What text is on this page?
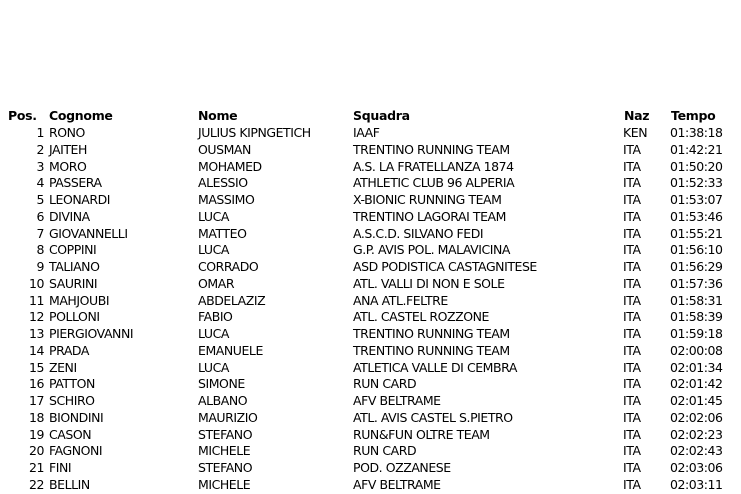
Pos. Cognome	Nome	Squadra	Naz Tempo
1 RONO	JULIUS KIPNGETICH	IAAF	KEN 01:38:18
2 JAITEH	OUSMAN	TRENTINO RUNNING TEAM	ITA 01:42:21
3 MORO	MOHAMED	A.S. LA FRATELLANZA 1874	ITA 01:50:20
4 PASSERA	ALESSIO	ATHLETIC CLUB 96 ALPERIA	ITA 01:52:33
5 LEONARDI	MASSIMO	X-BIONIC RUNNING TEAM	ITA 01:53:07
6 DIVINA	LUCA	TRENTINO LAGORAI TEAM	ITA 01:53:46
7 GIOVANNELLI	MATTEO	A.S.C.D. SILVANO FEDI	ITA 01:55:21
8 COPPINI	LUCA	G.P. AVIS POL. MALAVICINA	ITA 01:56:10
9 TALIANO	CORRADO	ASD PODISTICA CASTAGNITESE	ITA 01:56:29
10 SAURINI	OMAR	ATL. VALLI DI NON E SOLE	ITA 01:57:36
11 MAHJOUBI	ABDELAZIZ	ANA ATL.FELTRE	ITA 01:58:31
12 POLLONI	FABIO	ATL. CASTEL ROZZONE	ITA 01:58:39
13 PIERGIOVANNI	LUCA	TRENTINO RUNNING TEAM	ITA 01:59:18
14 PRADA	EMANUELE	TRENTINO RUNNING TEAM	ITA 02:00:08
15 ZENI	LUCA	ATLETICA VALLE DI CEMBRA	ITA 02:01:34
16 PATTON	SIMONE	RUN CARD	ITA 02:01:42
17 SCHIRO	ALBANO	AFV BELTRAME	ITA 02:01:45
18 BIONDINI	MAURIZIO	ATL. AVIS CASTEL S.PIETRO	ITA 02:02:06
19 CASON	STEFANO	RUN&FUN OLTRE TEAM	ITA 02:02:23
20 FAGNONI	MICHELE	RUN CARD	ITA 02:02:43
21 FINI	STEFANO	POD. OZZANESE	ITA 02:03:06
22 BELLIN	MICHELE	AFV BELTRAME	ITA 02:03:11
